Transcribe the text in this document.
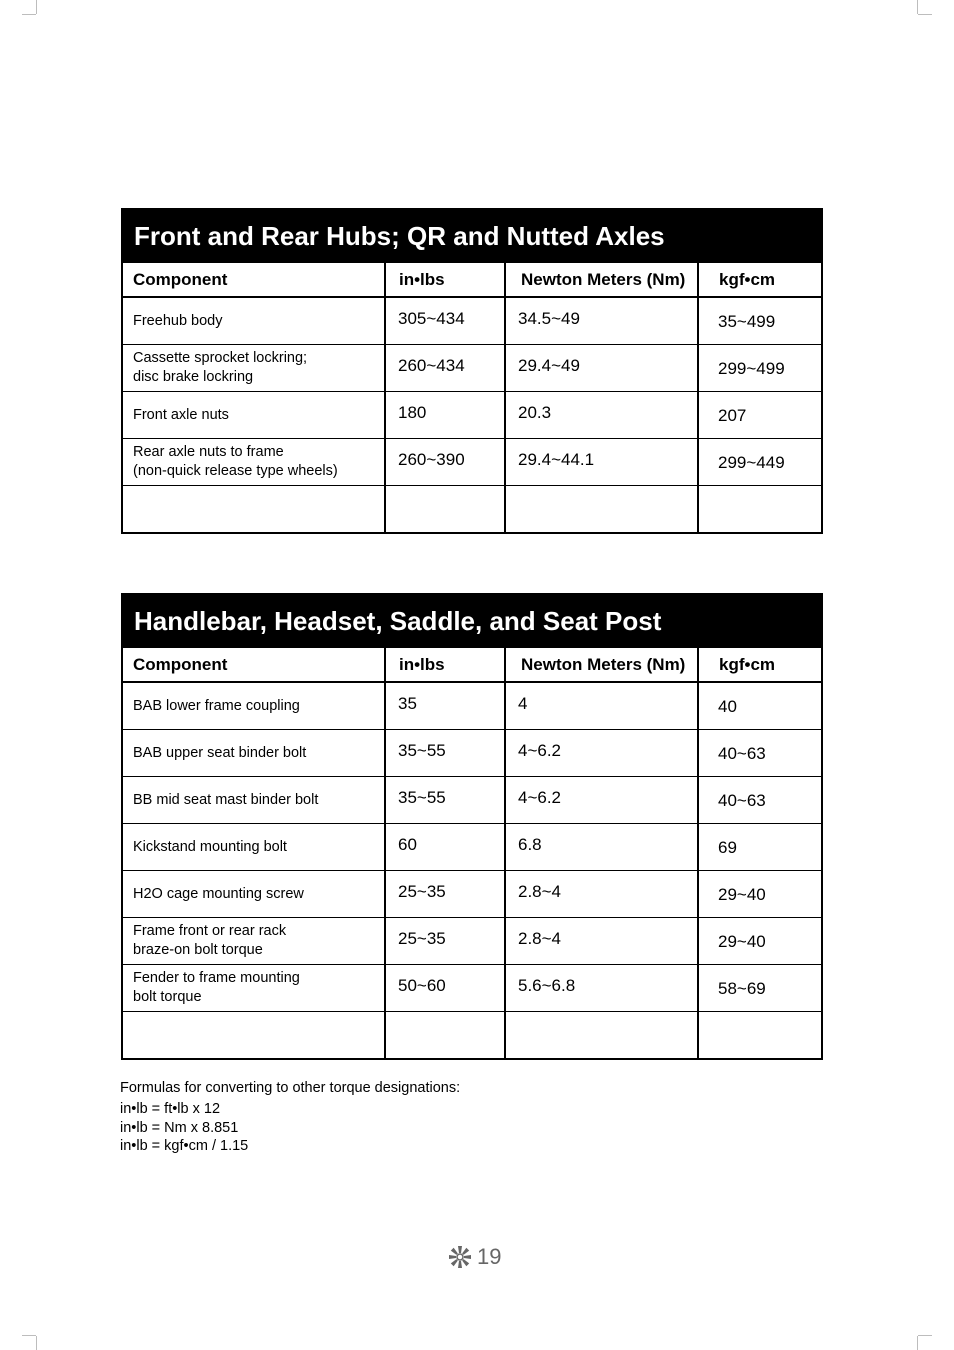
Front and Rear Hubs; QR and Nutted Axles
Component	in•lbs	Newton Meters (Nm)	kgf•cm
Freehub body	305~434	34.5~49	35~499
Cassette sprocket lockring;
disc brake lockring
260~434	29.4~49	299~499
Front axle nuts	180	20.3	207
Rear axle nuts to frame
(non-quick release type wheels)
260~390	29.4~44.1	299~449
Handlebar, Headset, Saddle, and Seat Post
Component	in•lbs	Newton Meters (Nm)	kgf•cm
BAB lower frame coupling	35	4	40
BAB upper seat binder bolt	35~55	4~6.2	40~63
BB mid seat mast binder bolt	35~55	4~6.2	40~63
Kickstand mounting bolt	60	6.8	69
H2O cage mounting screw	25~35	2.8~4	29~40
Frame front or rear rack
braze-on bolt torque
25~35	2.8~4	29~40
Fender to frame mounting
bolt torque
50~60	5.6~6.8	58~69
Formulas for converting to other torque designations:
in•lb = ft•lb x 12
in•lb = Nm x 8.851
in•lb = kgf•cm / 1.15
19
